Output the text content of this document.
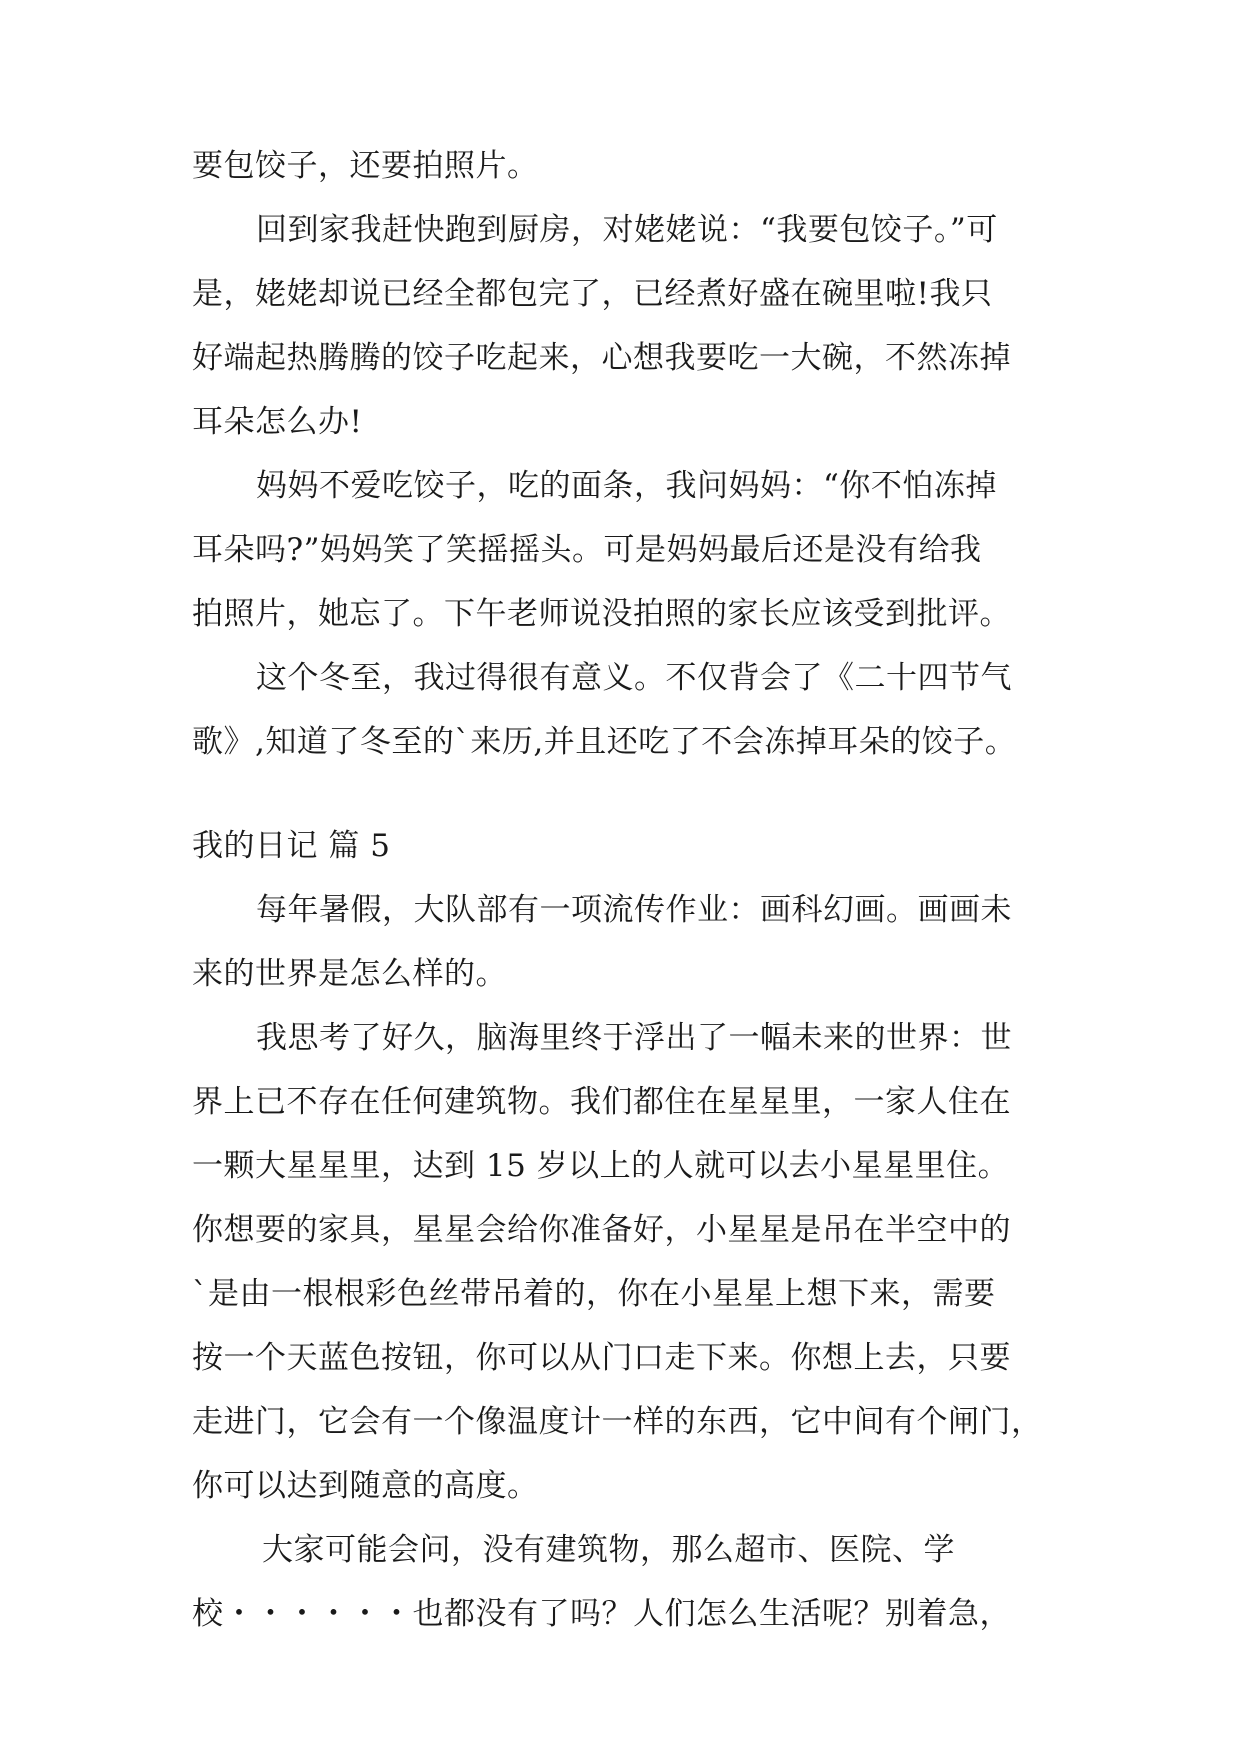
要包饺子，还要拍照片。
回到家我赶快跑到厨房，对姥姥说：“我要包饺子。”可
是，姥姥却说已经全都包完了，已经煮好盛在碗里啦!我只
好端起热腾腾的饺子吃起来，心想我要吃一大碗，不然冻掉
耳朵怎么办!
妈妈不爱吃饺子，吃的面条，我问妈妈：“你不怕冻掉
耳朵吗?”妈妈笑了笑摇摇头。可是妈妈最后还是没有给我
拍照片，她忘了。下午老师说没拍照的家长应该受到批评。
这个冬至，我过得很有意义。不仅背会了《二十四节气
歌》,知道了冬至的`来历,并且还吃了不会冻掉耳朵的饺子。
我的日记 篇 5
每年暑假，大队部有一项流传作业：画科幻画。画画未
来的世界是怎么样的。
我思考了好久，脑海里终于浮出了一幅未来的世界：世
界上已不存在任何建筑物。我们都住在星星里，一家人住在
一颗大星星里，达到 15 岁以上的人就可以去小星星里住。
你想要的家具，星星会给你准备好，小星星是吊在半空中的
`是由一根根彩色丝带吊着的，你在小星星上想下来，需要
按一个天蓝色按钮，你可以从门口走下来。你想上去，只要
走进门，它会有一个像温度计一样的东西，它中间有个闸门，
你可以达到随意的高度。
大家可能会问，没有建筑物，那么超市、医院、学
校・・・・・・也都没有了吗？人们怎么生活呢？别着急，
